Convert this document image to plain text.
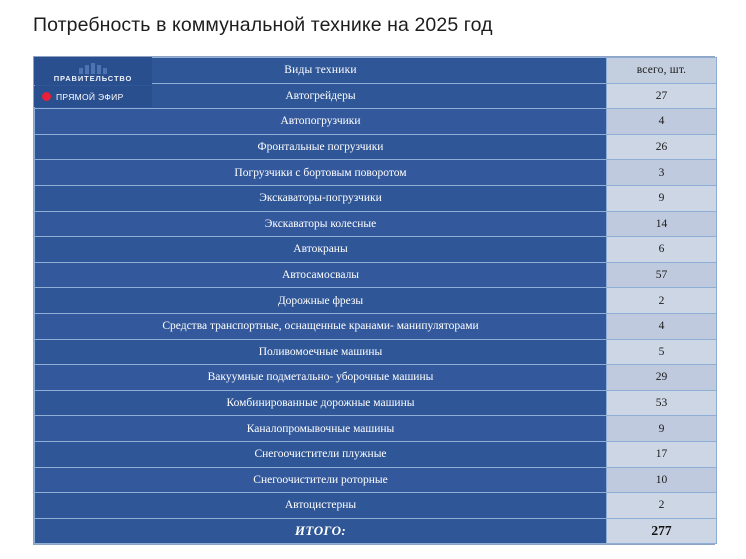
Потребность в коммунальной технике на 2025 год
Виды техники	всего, шт.
Автогрейдеры	27
Автопогрузчики	4
Фронтальные погрузчики	26
Погрузчики с бортовым поворотом	3
Экскаваторы-погрузчики	9
Экскаваторы колесные	14
Автокраны	6
Автосамосвалы	57
Дорожные фрезы	2
Средства транспортные, оснащенные кранами- манипуляторами	4
Поливомоечные машины	5
Вакуумные подметально- уборочные машины	29
Комбинированные дорожные машины	53
Каналопромывочные машины	9
Снегоочистители плужные	17
Снегоочистители роторные	10
Автоцистерны	2
ИТОГО:	277
ПРАВИТЕЛЬСТВО
ПРЯМОЙ ЭФИР
